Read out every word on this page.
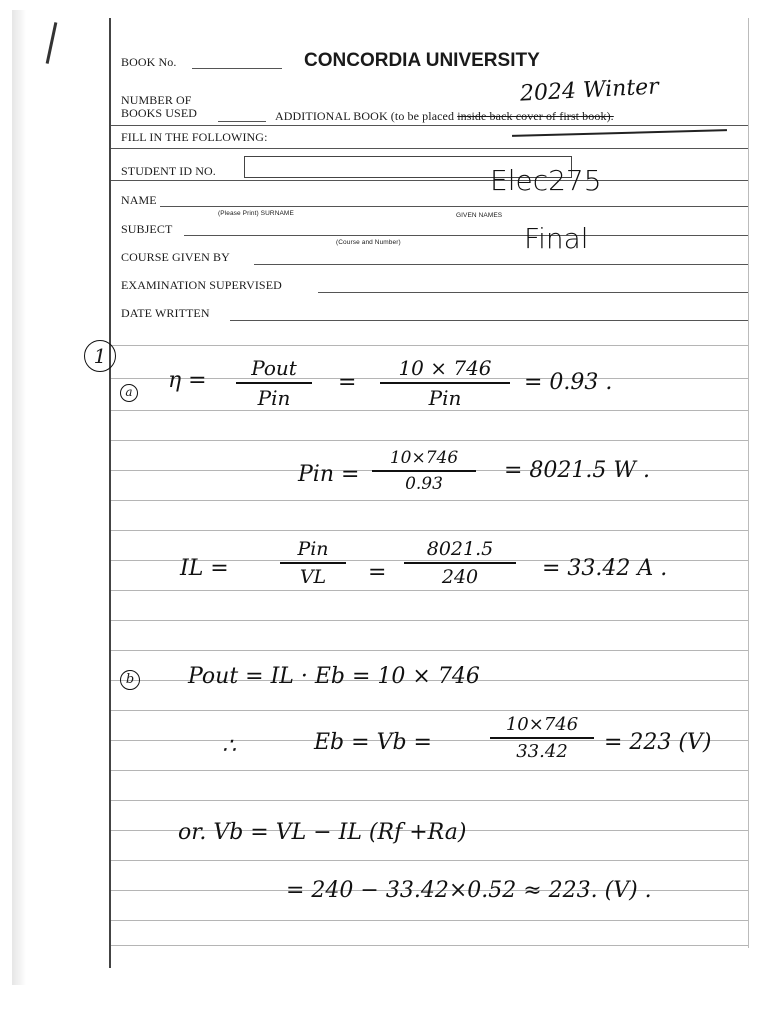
BOOK No.	CONCORDIA UNIVERSITY
NUMBER OF
BOOKS USED	ADDITIONAL BOOK (to be placed inside back cover of first book).
FILL IN THE FOLLOWING:
STUDENT ID NO.
NAME
(Please Print) SURNAME	GIVEN NAMES
SUBJECT
(Course and Number)
COURSE GIVEN BY
EXAMINATION SUPERVISED
DATE WRITTEN
2024 Winter
Elec275
Final
1
a η =	Pout
Pin
=
10 × 746
Pin
= 0.93 .
Pin =
10×746
0.93
= 8021.5 W .
IL =
Pin
VL	=
8021.5
240	= 33.42 A .
b Pout = IL · Eb = 10 × 746
∴	Eb = Vb =
10×746
33.42	= 223 (V)
or. Vb = VL − IL (Rf +Ra)
= 240 − 33.42×0.52 ≈ 223. (V) .
